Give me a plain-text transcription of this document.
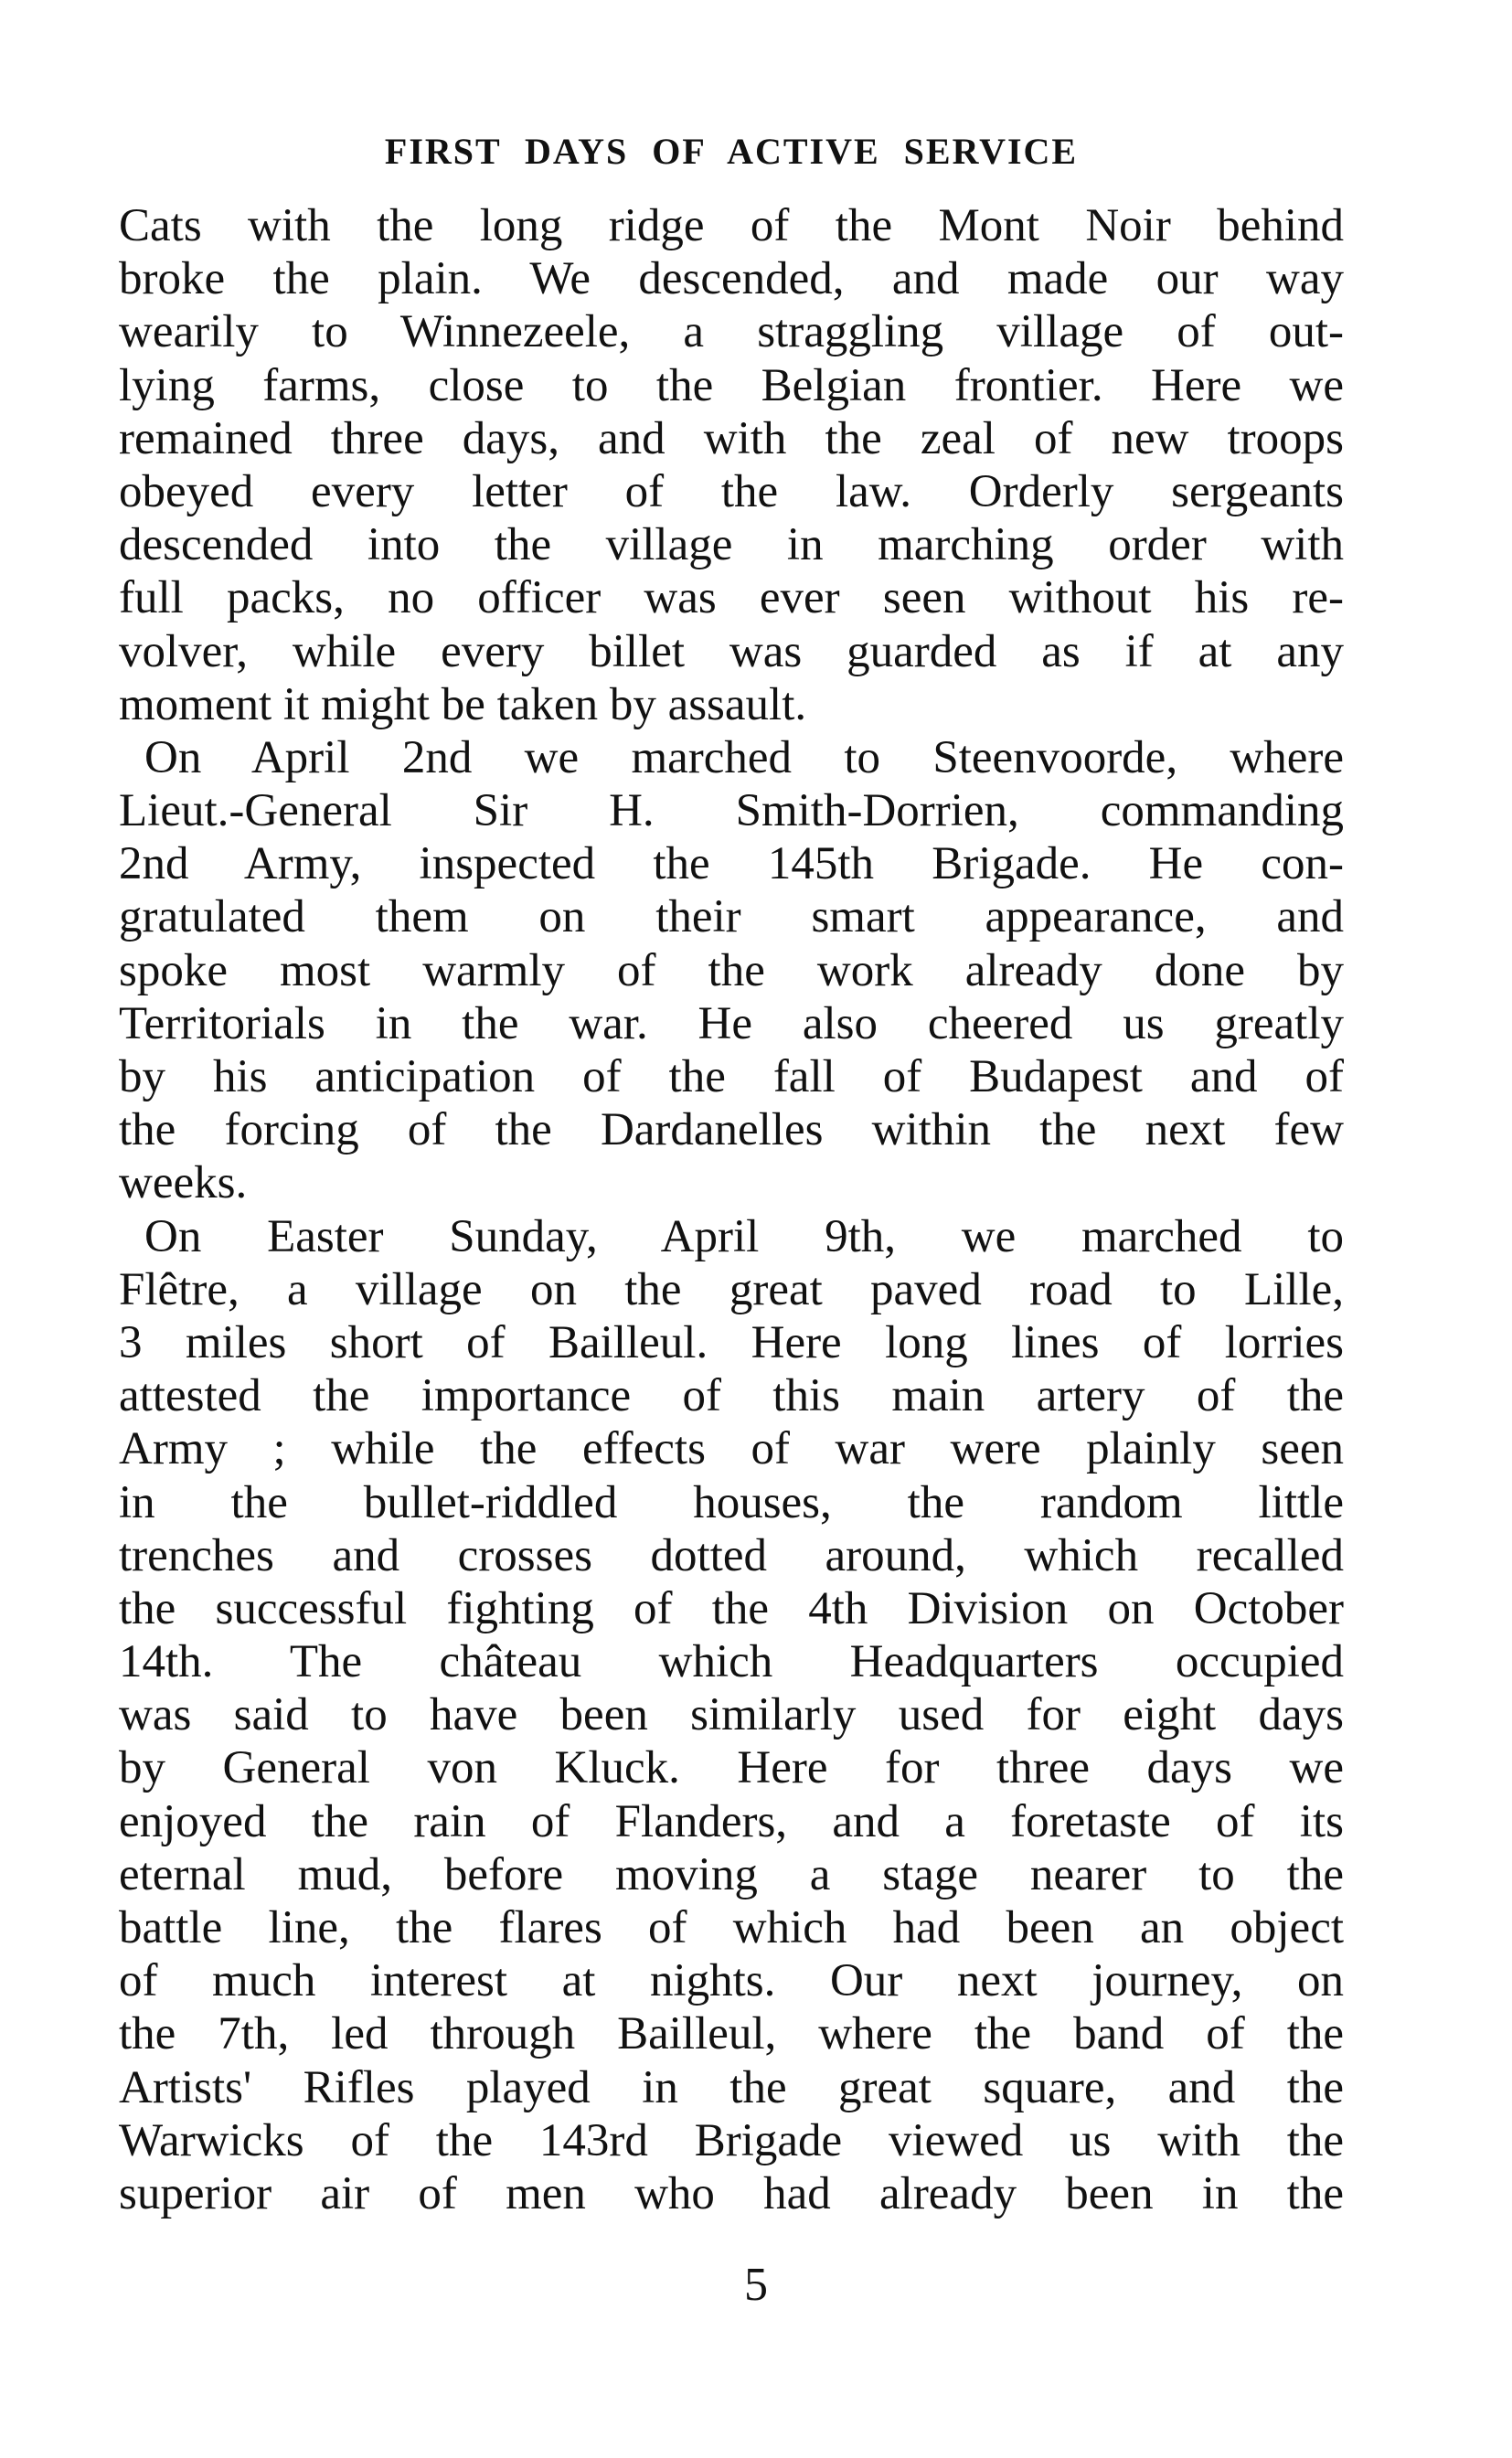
FIRST DAYS OF ACTIVE SERVICE
Cats with the long ridge of the Mont Noir behind
broke the plain. We descended, and made our way
wearily to Winnezeele, a straggling village of out-
lying farms, close to the Belgian frontier. Here we
remained three days, and with the zeal of new troops
obeyed every letter of the law. Orderly sergeants
descended into the village in marching order with
full packs, no officer was ever seen without his re-
volver, while every billet was guarded as if at any
moment it might be taken by assault.
On April 2nd we marched to Steenvoorde, where
Lieut.-General Sir H. Smith-Dorrien, commanding
2nd Army, inspected the 145th Brigade. He con-
gratulated them on their smart appearance, and
spoke most warmly of the work already done by
Territorials in the war. He also cheered us greatly
by his anticipation of the fall of Budapest and of
the forcing of the Dardanelles within the next few
weeks.
On Easter Sunday, April 9th, we marched to
Flêtre, a village on the great paved road to Lille,
3 miles short of Bailleul. Here long lines of lorries
attested the importance of this main artery of the
Army ; while the effects of war were plainly seen
in the bullet-riddled houses, the random little
trenches and crosses dotted around, which recalled
the successful fighting of the 4th Division on October
14th. The château which Headquarters occupied
was said to have been similarly used for eight days
by General von Kluck. Here for three days we
enjoyed the rain of Flanders, and a foretaste of its
eternal mud, before moving a stage nearer to the
battle line, the flares of which had been an object
of much interest at nights. Our next journey, on
the 7th, led through Bailleul, where the band of the
Artists' Rifles played in the great square, and the
Warwicks of the 143rd Brigade viewed us with the
superior air of men who had already been in the
5
